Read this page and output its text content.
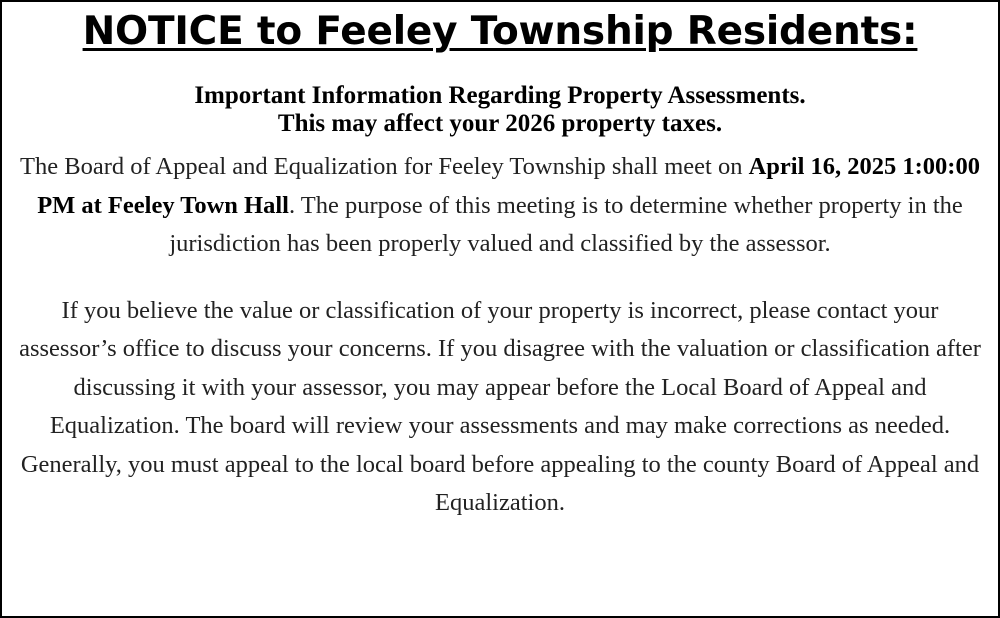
NOTICE to Feeley Township Residents:
Important Information Regarding Property Assessments.
This may affect your 2026 property taxes.

The Board of Appeal and Equalization for Feeley Township shall meet on April 16, 2025 1:00:00 PM at Feeley Town Hall. The purpose of this meeting is to determine whether property in the jurisdiction has been properly valued and classified by the assessor.

If you believe the value or classification of your property is incorrect, please contact your assessor’s office to discuss your concerns. If you disagree with the valuation or classification after discussing it with your assessor, you may appear before the Local Board of Appeal and Equalization. The board will review your assessments and may make corrections as needed. Generally, you must appeal to the local board before appealing to the county Board of Appeal and Equalization.
